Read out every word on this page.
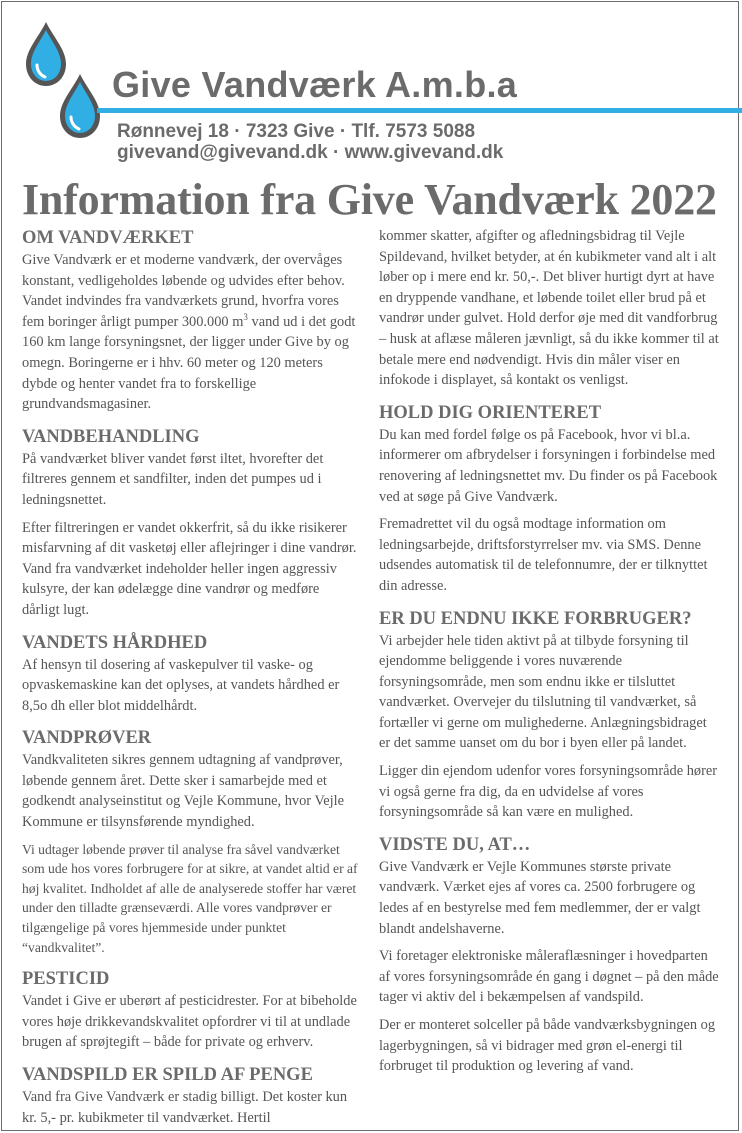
Give Vandværk A.m.b.a
Rønnevej 18 · 7323 Give · Tlf. 7573 5088
givevand@givevand.dk · www.givevand.dk
Information fra Give Vandværk 2022
OM VANDVÆRKET

Give Vandværk er et moderne vandværk, der overvåges konstant, vedligeholdes løbende og udvides efter behov. Vandet indvindes fra vandværkets grund, hvorfra vores fem boringer årligt pumper 300.000 $m^3$ vand ud i det godt 160 km lange forsyningsnet, der ligger under Give by og omegn. Boringerne er i hhv. 60 meter og 120 meters dybde og henter vandet fra to forskellige grundvandsmagasiner.

VANDBEHANDLING

På vandværket bliver vandet først iltet, hvorefter det filtreres gennem et sandfilter, inden det pumpes ud i ledningsnettet.

Efter filtreringen er vandet okkerfrit, så du ikke risikerer misfarvning af dit vasketøj eller aflejringer i dine vandrør. Vand fra vandværket indeholder heller ingen aggressiv kulsyre, der kan ødelægge dine vandrør og medføre dårligt lugt.

VANDETS HÅRDHED

Af hensyn til dosering af vaskepulver til vaske- og opvaskemaskine kan det oplyses, at vandets hårdhed er 8,5o dh eller blot middelhårdt.

VANDPRØVER

Vandkvaliteten sikres gennem udtagning af vandprøver, løbende gennem året. Dette sker i samarbejde med et godkendt analyseinstitut og Vejle Kommune, hvor Vejle Kommune er tilsynsførende myndighed.

Vi udtager løbende prøver til analyse fra såvel vandværket som ude hos vores forbrugere for at sikre, at vandet altid er af høj kvalitet. Indholdet af alle de analyserede stoffer har været under den tilladte grænseværdi. Alle vores vandprøver er tilgængelige på vores hjemmeside under punktet “vandkvalitet”.

PESTICID

Vandet i Give er uberørt af pesticidrester. For at bibeholde vores høje drikkevandskvalitet opfordrer vi til at undlade brugen af sprøjtegift – både for private og erhverv.

VANDSPILD ER SPILD AF PENGE

Vand fra Give Vandværk er stadig billigt. Det koster kun kr. 5,- pr. kubikmeter til vandværket. Hertil

kommer skatter, afgifter og afledningsbidrag til Vejle Spildevand, hvilket betyder, at én kubikmeter vand alt i alt løber op i mere end kr. 50,-. Det bliver hurtigt dyrt at have en dryppende vandhane, et løbende toilet eller brud på et vandrør under gulvet. Hold derfor øje med dit vandforbrug – husk at aflæse måleren jævnligt, så du ikke kommer til at betale mere end nødvendigt. Hvis din måler viser en infokode i displayet, så kontakt os venligst.

HOLD DIG ORIENTERET

Du kan med fordel følge os på Facebook, hvor vi bl.a. informerer om afbrydelser i forsyningen i forbindelse med renovering af ledningsnettet mv. Du finder os på Facebook ved at søge på Give Vandværk.

Fremadrettet vil du også modtage information om ledningsarbejde, driftsforstyrrelser mv. via SMS. Denne udsendes automatisk til de telefonnumre, der er tilknyttet din adresse.

ER DU ENDNU IKKE FORBRUGER?

Vi arbejder hele tiden aktivt på at tilbyde forsyning til ejendomme beliggende i vores nuværende forsyningsområde, men som endnu ikke er tilsluttet vandværket. Overvejer du tilslutning til vandværket, så fortæller vi gerne om mulighederne. Anlægningsbidraget er det samme uanset om du bor i byen eller på landet.

Ligger din ejendom udenfor vores forsyningsområde hører vi også gerne fra dig, da en udvidelse af vores forsyningsområde så kan være en mulighed.

VIDSTE DU, AT…

Give Vandværk er Vejle Kommunes største private vandværk. Værket ejes af vores ca. 2500 forbrugere og ledes af en bestyrelse med fem medlemmer, der er valgt blandt andelshaverne.

Vi foretager elektroniske måleraflæsninger i hovedparten af vores forsyningsområde én gang i døgnet – på den måde tager vi aktiv del i bekæmpelsen af vandspild.

Der er monteret solceller på både vandværksbygningen og lagerbygningen, så vi bidrager med grøn el-energi til forbruget til produktion og levering af vand.
